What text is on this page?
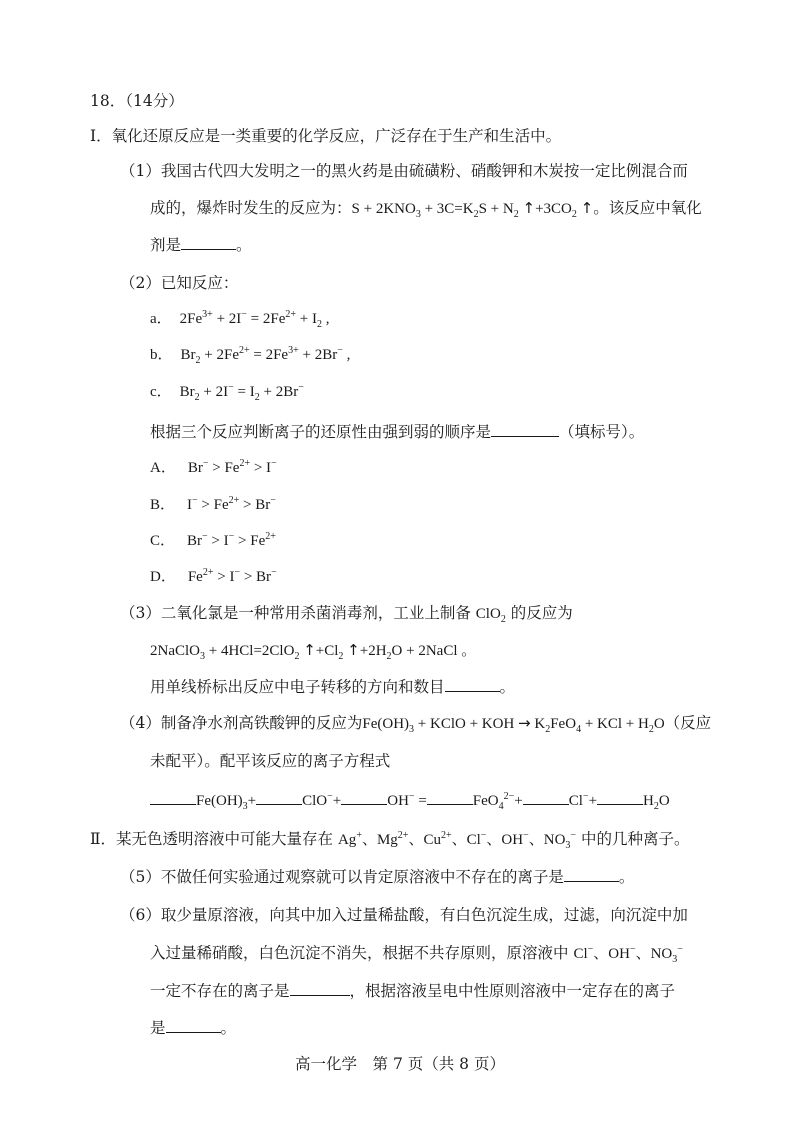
18．（14分）
Ⅰ．氧化还原反应是一类重要的化学反应，广泛存在于生产和生活中。
（1）我国古代四大发明之一的黑火药是由硫磺粉、硝酸钾和木炭按一定比例混合而
成的，爆炸时发生的反应为：$S + 2KNO_3 + 3C=K_2S + N_2$ $↑+3CO_2$ ↑。该反应中氧化
剂是	。
（2）已知反应：
a． $2Fe^{3+} + 2I^- = 2Fe^{2+} + I_2$ ,
b． $Br_2 + 2Fe^{2+} = 2Fe^{3+} + 2Br^-$ ,
c． $Br_2 + 2I^- = I_2 + 2Br^-$
根据三个反应判断离子的还原性由强到弱的顺序是	（填标号）。
A． $Br^- > Fe^{2+} > I^-$
B． $I^- > Fe^{2+} > Br^-$
C． $Br^- > I^- > Fe^{2+}$
D． $Fe^{2+} > I^- > Br^-$
（3）二氧化氯是一种常用杀菌消毒剂，工业上制备 ClO$_2$ 的反应为
2NaClO$_3$ + 4HCl=2ClO$_2$ $↑+Cl_2$ $↑+2H_2O$ + 2NaCl 。
用单线桥标出反应中电子转移的方向和数目	。
（4）制备净水剂高铁酸钾的反应为$Fe(OH)_3$ + KClO + KOH → $K_2FeO_4$ + KCl + $H_2O$（反应
未配平）。配平该反应的离子方程式
$Fe(OH)_3+$	ClO−+	OH− =	FeO$_4^{2-}$+	Cl−+	$H_2O$
Ⅱ．某无色透明溶液中可能大量存在 Ag+、$Mg^{2+}$、$Cu^{2+}$、Cl−、OH−、$NO_3^-$ 中的几种离子。
（5）不做任何实验通过观察就可以肯定原溶液中不存在的离子是	。
（6）取少量原溶液，向其中加入过量稀盐酸，有白色沉淀生成，过滤，向沉淀中加
入过量稀硝酸，白色沉淀不消失，根据不共存原则，原溶液中 Cl−、OH−、$NO_3^-$
一定不存在的离子是	，根据溶液呈电中性原则溶液中一定存在的离子
是	。
高一化学　第 7 页（共 8 页）
